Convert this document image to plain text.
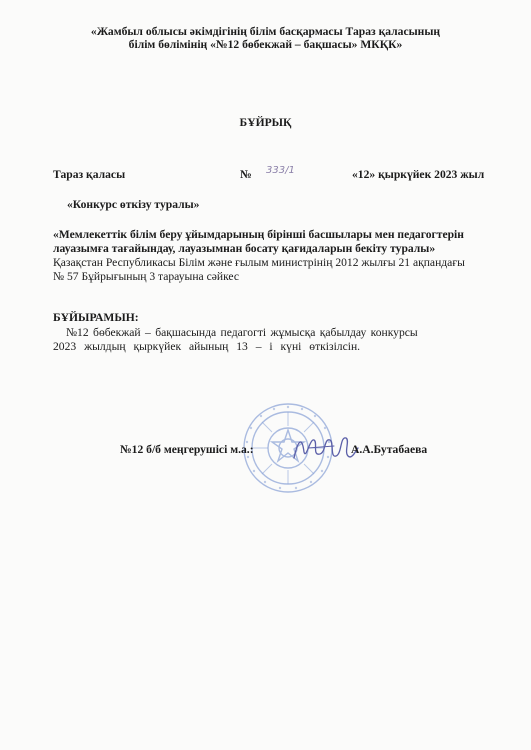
«Жамбыл облысы әкімдігінің білім басқармасы Тараз қаласының
білім бөлімінің «№12 бөбекжай – бақшасы» МКҚК»
БҰЙРЫҚ
Тараз қаласы	№ 333/1	«12» қыркүйек 2023 жыл
«Конкурс өткізу туралы»
«Мемлекеттік білім беру ұйымдарының бірінші басшылары мен педагогтерін
лауазымға тағайындау, лауазымнан босату қағидаларын бекіту туралы»
Қазақстан Республикасы Білім және ғылым министрінің 2012 жылғы 21 ақпандағы
№ 57 Бұйрығының 3 тарауына сәйкес
БҰЙЫРАМЫН:
№12 бөбекжай – бақшасында педагогті жұмысқа қабылдау конкурсы
2023 жылдың қыркүйек айының 13 – і күні өткізілсін.
№12 б/б меңгерушісі м.а.:	А.А.Бутабаева
